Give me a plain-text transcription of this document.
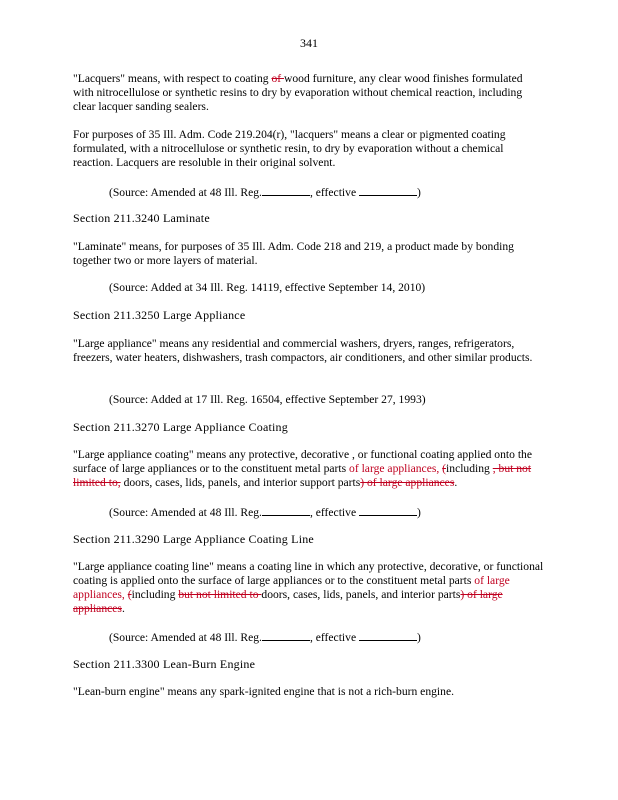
341

"Lacquers" means, with respect to coating of wood furniture, any clear wood finishes formulated with nitrocellulose or synthetic resins to dry by evaporation without chemical reaction, including clear lacquer sanding sealers.

For purposes of 35 Ill. Adm. Code 219.204(r), "lacquers" means a clear or pigmented coating formulated, with a nitrocellulose or synthetic resin, to dry by evaporation without a chemical reaction. Lacquers are resoluble in their original solvent.

(Source: Amended at 48 Ill. Reg.	, effective	)

Section 211.3240 Laminate

"Laminate" means, for purposes of 35 Ill. Adm. Code 218 and 219, a product made by bonding together two or more layers of material.

(Source: Added at 34 Ill. Reg. 14119, effective September 14, 2010)

Section 211.3250 Large Appliance

"Large appliance" means any residential and commercial washers, dryers, ranges, refrigerators, freezers, water heaters, dishwashers, trash compactors, air conditioners, and other similar products.

(Source: Added at 17 Ill. Reg. 16504, effective September 27, 1993)

Section 211.3270 Large Appliance Coating

"Large appliance coating" means any protective, decorative , or functional coating applied onto the surface of large appliances or to the constituent metal parts of large appliances, (including , but not limited to, doors, cases, lids, panels, and interior support parts) of large appliances.

(Source: Amended at 48 Ill. Reg.	, effective	)

Section 211.3290 Large Appliance Coating Line

"Large appliance coating line" means a coating line in which any protective, decorative, or functional coating is applied onto the surface of large appliances or to the constituent metal parts of large appliances, (including but not limited to doors, cases, lids, panels, and interior parts) of large appliances.

(Source: Amended at 48 Ill. Reg.	, effective	)

Section 211.3300 Lean-Burn Engine

"Lean-burn engine" means any spark-ignited engine that is not a rich-burn engine.
